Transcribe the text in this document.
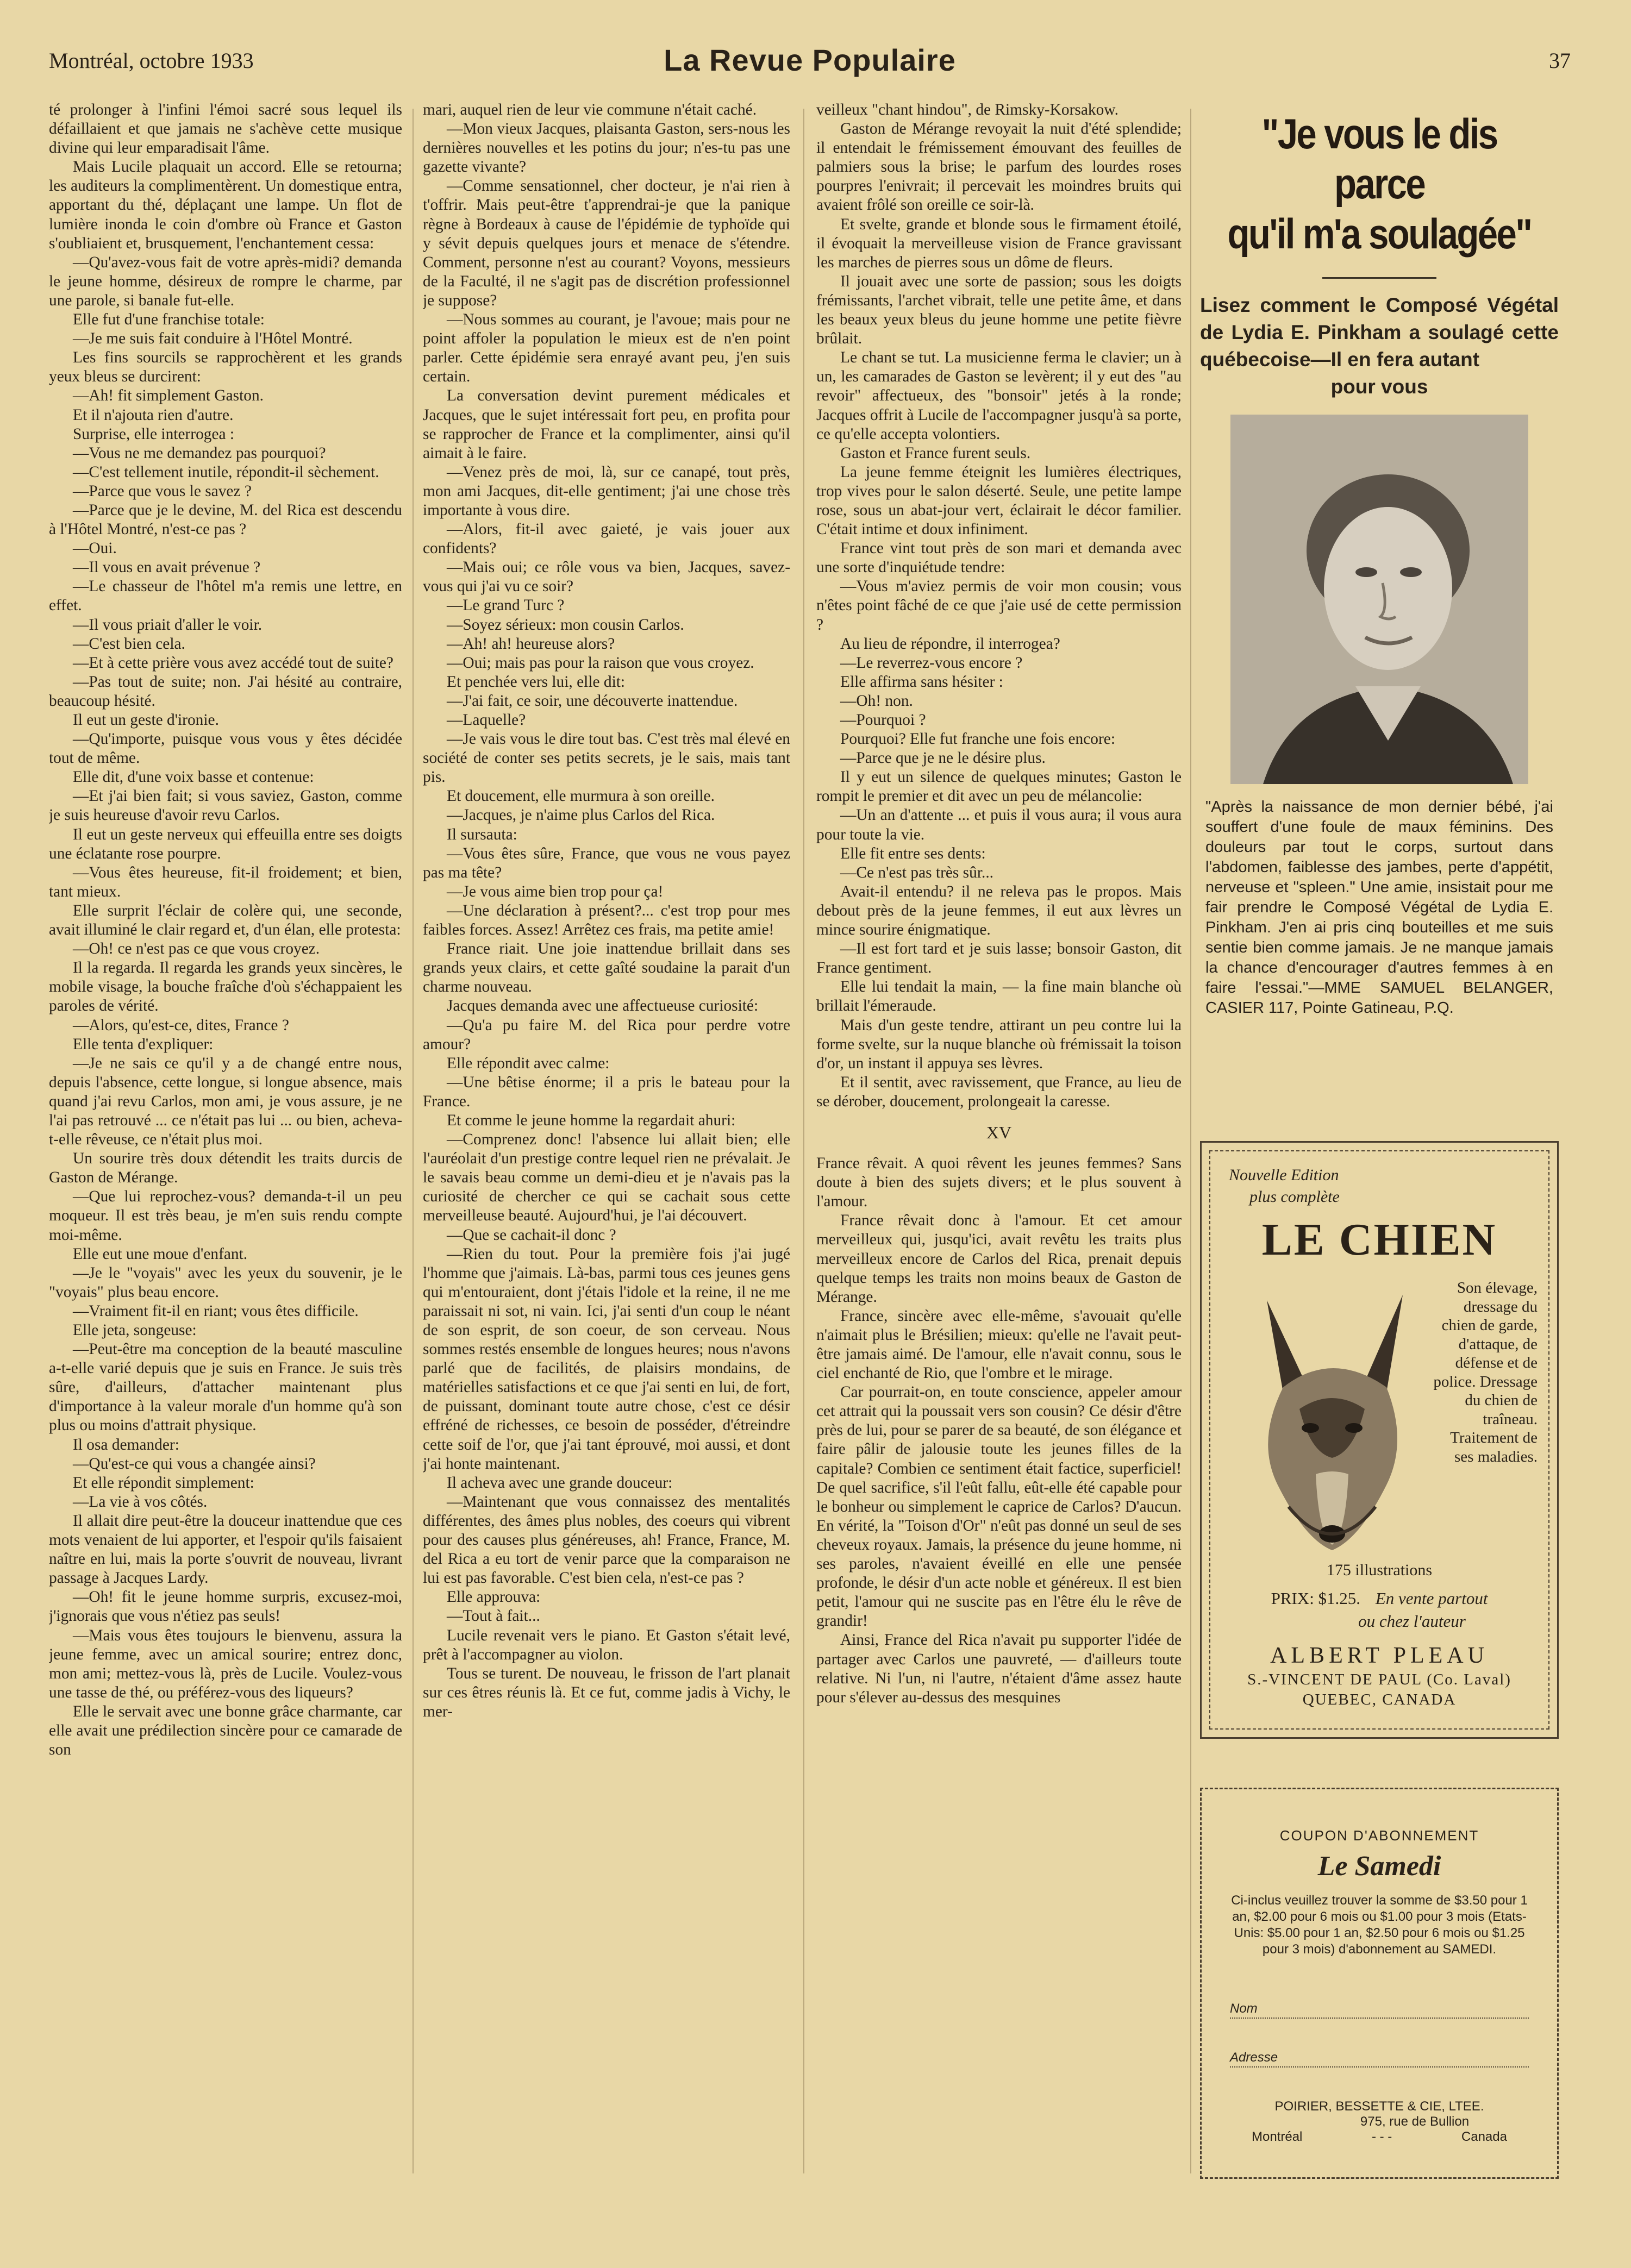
Montréal, octobre 1933	La Revue Populaire	37

té prolonger à l'infini l'émoi sacré sous lequel ils défaillaient et que jamais ne s'achève cette musique divine qui leur emparadisait l'âme.

Mais Lucile plaquait un accord. Elle se retourna; les auditeurs la complimentèrent. Un domestique entra, apportant du thé, déplaçant une lampe. Un flot de lumière inonda le coin d'ombre où France et Gaston s'oubliaient et, brusquement, l'enchantement cessa:

—Qu'avez-vous fait de votre après-midi? demanda le jeune homme, désireux de rompre le charme, par une parole, si banale fut-elle.

Elle fut d'une franchise totale:

—Je me suis fait conduire à l'Hôtel Montré.

Les fins sourcils se rapprochèrent et les grands yeux bleus se durcirent:

—Ah! fit simplement Gaston.

Et il n'ajouta rien d'autre.

Surprise, elle interrogea :

—Vous ne me demandez pas pourquoi?

—C'est tellement inutile, répondit-il sèchement.

—Parce que vous le savez ?

—Parce que je le devine, M. del Rica est descendu à l'Hôtel Montré, n'est-ce pas ?

—Oui.

—Il vous en avait prévenue ?

—Le chasseur de l'hôtel m'a remis une lettre, en effet.

—Il vous priait d'aller le voir.

—C'est bien cela.

—Et à cette prière vous avez accédé tout de suite?

—Pas tout de suite; non. J'ai hésité au contraire, beaucoup hésité.

Il eut un geste d'ironie.

—Qu'importe, puisque vous vous y êtes décidée tout de même.

Elle dit, d'une voix basse et contenue:

—Et j'ai bien fait; si vous saviez, Gaston, comme je suis heureuse d'avoir revu Carlos.

Il eut un geste nerveux qui effeuilla entre ses doigts une éclatante rose pourpre.

—Vous êtes heureuse, fit-il froidement; et bien, tant mieux.

Elle surprit l'éclair de colère qui, une seconde, avait illuminé le clair regard et, d'un élan, elle protesta:

—Oh! ce n'est pas ce que vous croyez.

Il la regarda. Il regarda les grands yeux sincères, le mobile visage, la bouche fraîche d'où s'échappaient les paroles de vérité.

—Alors, qu'est-ce, dites, France ?

Elle tenta d'expliquer:

—Je ne sais ce qu'il y a de changé entre nous, depuis l'absence, cette longue, si longue absence, mais quand j'ai revu Carlos, mon ami, je vous assure, je ne l'ai pas retrouvé ... ce n'était pas lui ... ou bien, acheva-t-elle rêveuse, ce n'était plus moi.

Un sourire très doux détendit les traits durcis de Gaston de Mérange.

—Que lui reprochez-vous? demanda-t-il un peu moqueur. Il est très beau, je m'en suis rendu compte moi-même.

Elle eut une moue d'enfant.

—Je le "voyais" avec les yeux du souvenir, je le "voyais" plus beau encore.

—Vraiment fit-il en riant; vous êtes difficile.

Elle jeta, songeuse:

—Peut-être ma conception de la beauté masculine a-t-elle varié depuis que je suis en France. Je suis très sûre, d'ailleurs, d'attacher maintenant plus d'importance à la valeur morale d'un homme qu'à son plus ou moins d'attrait physique.

Il osa demander:

—Qu'est-ce qui vous a changée ainsi?

Et elle répondit simplement:

—La vie à vos côtés.

Il allait dire peut-être la douceur inattendue que ces mots venaient de lui apporter, et l'espoir qu'ils faisaient naître en lui, mais la porte s'ouvrit de nouveau, livrant passage à Jacques Lardy.

—Oh! fit le jeune homme surpris, excusez-moi, j'ignorais que vous n'étiez pas seuls!

—Mais vous êtes toujours le bienvenu, assura la jeune femme, avec un amical sourire; entrez donc, mon ami; mettez-vous là, près de Lucile. Voulez-vous une tasse de thé, ou préférez-vous des liqueurs?

Elle le servait avec une bonne grâce charmante, car elle avait une prédilection sincère pour ce camarade de son

mari, auquel rien de leur vie commune n'était caché.

—Mon vieux Jacques, plaisanta Gaston, sers-nous les dernières nouvelles et les potins du jour; n'es-tu pas une gazette vivante?

—Comme sensationnel, cher docteur, je n'ai rien à t'offrir. Mais peut-être t'apprendrai-je que la panique règne à Bordeaux à cause de l'épidémie de typhoïde qui y sévit depuis quelques jours et menace de s'étendre. Comment, personne n'est au courant? Voyons, messieurs de la Faculté, il ne s'agit pas de discrétion professionnel je suppose?

—Nous sommes au courant, je l'avoue; mais pour ne point affoler la population le mieux est de n'en point parler. Cette épidémie sera enrayé avant peu, j'en suis certain.

La conversation devint purement médicales et Jacques, que le sujet intéressait fort peu, en profita pour se rapprocher de France et la complimenter, ainsi qu'il aimait à le faire.

—Venez près de moi, là, sur ce canapé, tout près, mon ami Jacques, dit-elle gentiment; j'ai une chose très importante à vous dire.

—Alors, fit-il avec gaieté, je vais jouer aux confidents?

—Mais oui; ce rôle vous va bien, Jacques, savez-vous qui j'ai vu ce soir?

—Le grand Turc ?

—Soyez sérieux: mon cousin Carlos.

—Ah! ah! heureuse alors?

—Oui; mais pas pour la raison que vous croyez.

Et penchée vers lui, elle dit:

—J'ai fait, ce soir, une découverte inattendue.

—Laquelle?

—Je vais vous le dire tout bas. C'est très mal élevé en société de conter ses petits secrets, je le sais, mais tant pis.

Et doucement, elle murmura à son oreille.

—Jacques, je n'aime plus Carlos del Rica.

Il sursauta:

—Vous êtes sûre, France, que vous ne vous payez pas ma tête?

—Je vous aime bien trop pour ça!

—Une déclaration à présent?... c'est trop pour mes faibles forces. Assez! Arrêtez ces frais, ma petite amie!

France riait. Une joie inattendue brillait dans ses grands yeux clairs, et cette gaîté soudaine la parait d'un charme nouveau.

Jacques demanda avec une affectueuse curiosité:

—Qu'a pu faire M. del Rica pour perdre votre amour?

Elle répondit avec calme:

—Une bêtise énorme; il a pris le bateau pour la France.

Et comme le jeune homme la regardait ahuri:

—Comprenez donc! l'absence lui allait bien; elle l'auréolait d'un prestige contre lequel rien ne prévalait. Je le savais beau comme un demi-dieu et je n'avais pas la curiosité de chercher ce qui se cachait sous cette merveilleuse beauté. Aujourd'hui, je l'ai découvert.

—Que se cachait-il donc ?

—Rien du tout. Pour la première fois j'ai jugé l'homme que j'aimais. Là-bas, parmi tous ces jeunes gens qui m'entouraient, dont j'étais l'idole et la reine, il ne me paraissait ni sot, ni vain. Ici, j'ai senti d'un coup le néant de son esprit, de son coeur, de son cerveau. Nous sommes restés ensemble de longues heures; nous n'avons parlé que de facilités, de plaisirs mondains, de matérielles satisfactions et ce que j'ai senti en lui, de fort, de puissant, dominant toute autre chose, c'est ce désir effréné de richesses, ce besoin de posséder, d'étreindre cette soif de l'or, que j'ai tant éprouvé, moi aussi, et dont j'ai honte maintenant.

Il acheva avec une grande douceur:

—Maintenant que vous connaissez des mentalités différentes, des âmes plus nobles, des coeurs qui vibrent pour des causes plus généreuses, ah! France, France, M. del Rica a eu tort de venir parce que la comparaison ne lui est pas favorable. C'est bien cela, n'est-ce pas ?

Elle approuva:

—Tout à fait...

Lucile revenait vers le piano. Et Gaston s'était levé, prêt à l'accompagner au violon.

Tous se turent. De nouveau, le frisson de l'art planait sur ces êtres réunis là. Et ce fut, comme jadis à Vichy, le mer-

veilleux "chant hindou", de Rimsky-Korsakow.

Gaston de Mérange revoyait la nuit d'été splendide; il entendait le frémissement émouvant des feuilles de palmiers sous la brise; le parfum des lourdes roses pourpres l'enivrait; il percevait les moindres bruits qui avaient frôlé son oreille ce soir-là.

Et svelte, grande et blonde sous le firmament étoilé, il évoquait la merveilleuse vision de France gravissant les marches de pierres sous un dôme de fleurs.

Il jouait avec une sorte de passion; sous les doigts frémissants, l'archet vibrait, telle une petite âme, et dans les beaux yeux bleus du jeune homme une petite fièvre brûlait.

Le chant se tut. La musicienne ferma le clavier; un à un, les camarades de Gaston se levèrent; il y eut des "au revoir" affectueux, des "bonsoir" jetés à la ronde; Jacques offrit à Lucile de l'accompagner jusqu'à sa porte, ce qu'elle accepta volontiers.

Gaston et France furent seuls.

La jeune femme éteignit les lumières électriques, trop vives pour le salon déserté. Seule, une petite lampe rose, sous un abat-jour vert, éclairait le décor familier. C'était intime et doux infiniment.

France vint tout près de son mari et demanda avec une sorte d'inquiétude tendre:

—Vous m'aviez permis de voir mon cousin; vous n'êtes point fâché de ce que j'aie usé de cette permission ?

Au lieu de répondre, il interrogea?

—Le reverrez-vous encore ?

Elle affirma sans hésiter :

—Oh! non.

—Pourquoi ?

Pourquoi? Elle fut franche une fois encore:

—Parce que je ne le désire plus.

Il y eut un silence de quelques minutes; Gaston le rompit le premier et dit avec un peu de mélancolie:

—Un an d'attente ... et puis il vous aura; il vous aura pour toute la vie.

Elle fit entre ses dents:

—Ce n'est pas très sûr...

Avait-il entendu? il ne releva pas le propos. Mais debout près de la jeune femmes, il eut aux lèvres un mince sourire énigmatique.

—Il est fort tard et je suis lasse; bonsoir Gaston, dit France gentiment.

Elle lui tendait la main, — la fine main blanche où brillait l'émeraude.

Mais d'un geste tendre, attirant un peu contre lui la forme svelte, sur la nuque blanche où frémissait la toison d'or, un instant il appuya ses lèvres.

Et il sentit, avec ravissement, que France, au lieu de se dérober, doucement, prolongeait la caresse.

XV

France rêvait. A quoi rêvent les jeunes femmes? Sans doute à bien des sujets divers; et le plus souvent à l'amour.

France rêvait donc à l'amour. Et cet amour merveilleux qui, jusqu'ici, avait revêtu les traits plus merveilleux encore de Carlos del Rica, prenait depuis quelque temps les traits non moins beaux de Gaston de Mérange.

France, sincère avec elle-même, s'avouait qu'elle n'aimait plus le Brésilien; mieux: qu'elle ne l'avait peut-être jamais aimé. De l'amour, elle n'avait connu, sous le ciel enchanté de Rio, que l'ombre et le mirage.

Car pourrait-on, en toute conscience, appeler amour cet attrait qui la poussait vers son cousin? Ce désir d'être près de lui, pour se parer de sa beauté, de son élégance et faire pâlir de jalousie toute les jeunes filles de la capitale? Combien ce sentiment était factice, superficiel! De quel sacrifice, s'il l'eût fallu, eût-elle été capable pour le bonheur ou simplement le caprice de Carlos? D'aucun. En vérité, la "Toison d'Or" n'eût pas donné un seul de ses cheveux royaux. Jamais, la présence du jeune homme, ni ses paroles, n'avaient éveillé en elle une pensée profonde, le désir d'un acte noble et généreux. Il est bien petit, l'amour qui ne suscite pas en l'être élu le rêve de grandir!

Ainsi, France del Rica n'avait pu supporter l'idée de partager avec Carlos une pauvreté, — d'ailleurs toute relative. Ni l'un, ni l'autre, n'étaient d'âme assez haute pour s'élever au-dessus des mesquines

"Je vous le dis parce
qu'il m'a soulagée"
Lisez comment le Composé Végétal de Lydia E. Pinkham a soulagé cette québecoise—Il en fera autant
pour vous
"Après la naissance de mon dernier bébé, j'ai souffert d'une foule de maux féminins. Des douleurs par tout le corps, surtout dans l'abdomen, faiblesse des jambes, perte d'appétit, nerveuse et "spleen." Une amie, insistait pour me fair prendre le Composé Végétal de Lydia E. Pinkham. J'en ai pris cinq bouteilles et me suis sentie bien comme jamais. Je ne manque jamais la chance d'encourager d'autres femmes à en faire l'essai."—MME SAMUEL BELANGER, CASIER 117, Pointe Gatineau, P.Q.
Nouvelle Edition
plus complète
LE CHIEN
Son élevage, dressage du chien de garde, d'attaque, de défense et de police. Dressage du chien de traîneau. Traitement de ses maladies.
175 illustrations
PRIX: $1.25. En vente partout
ou chez l'auteur
ALBERT PLEAU
S.-VINCENT DE PAUL (Co. Laval)
QUEBEC, CANADA
COUPON D'ABONNEMENT
Le Samedi
Ci-inclus veuillez trouver la somme de $3.50 pour 1 an, $2.00 pour 6 mois ou $1.00 pour 3 mois (Etats-Unis: $5.00 pour 1 an, $2.50 pour 6 mois ou $1.25 pour 3 mois) d'abonnement au SAMEDI.
Nom
Adresse
POIRIER, BESSETTE & CIE, LTEE.
975, rue de Bullion
Montréal	- - -	Canada
